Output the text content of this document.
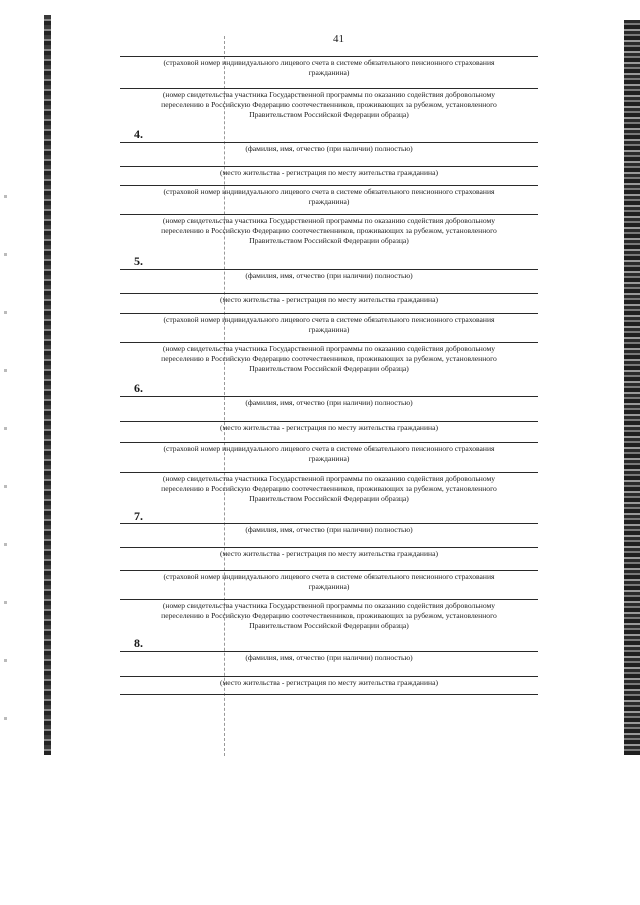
41
(страховой номер индивидуального лицевого счета в системе обязательного пенсионного страхования
гражданина)
(номер свидетельства участника Государственной программы по оказанию содействия добровольному
переселению в Российскую Федерацию соотечественников, проживающих за рубежом, установленного
Правительством Российской Федерации образца)
4.
(фамилия, имя, отчество (при наличии) полностью)
(место жительства - регистрация по месту жительства гражданина)
(страховой номер индивидуального лицевого счета в системе обязательного пенсионного страхования
гражданина)
(номер свидетельства участника Государственной программы по оказанию содействия добровольному
переселению в Российскую Федерацию соотечественников, проживающих за рубежом, установленного
Правительством Российской Федерации образца)
5.
(фамилия, имя, отчество (при наличии) полностью)
(место жительства - регистрация по месту жительства гражданина)
(страховой номер индивидуального лицевого счета в системе обязательного пенсионного страхования
гражданина)
(номер свидетельства участника Государственной программы по оказанию содействия добровольному
переселению в Российскую Федерацию соотечественников, проживающих за рубежом, установленного
Правительством Российской Федерации образца)
6.
(фамилия, имя, отчество (при наличии) полностью)
(место жительства - регистрация по месту жительства гражданина)
(страховой номер индивидуального лицевого счета в системе обязательного пенсионного страхования
гражданина)
(номер свидетельства участника Государственной программы по оказанию содействия добровольному
переселению в Российскую Федерацию соотечественников, проживающих за рубежом, установленного
Правительством Российской Федерации образца)
7.
(фамилия, имя, отчество (при наличии) полностью)
(место жительства - регистрация по месту жительства гражданина)
(страховой номер индивидуального лицевого счета в системе обязательного пенсионного страхования
гражданина)
(номер свидетельства участника Государственной программы по оказанию содействия добровольному
переселению в Российскую Федерацию соотечественников, проживающих за рубежом, установленного
Правительством Российской Федерации образца)
8.
(фамилия, имя, отчество (при наличии) полностью)
(место жительства - регистрация по месту жительства гражданина)
